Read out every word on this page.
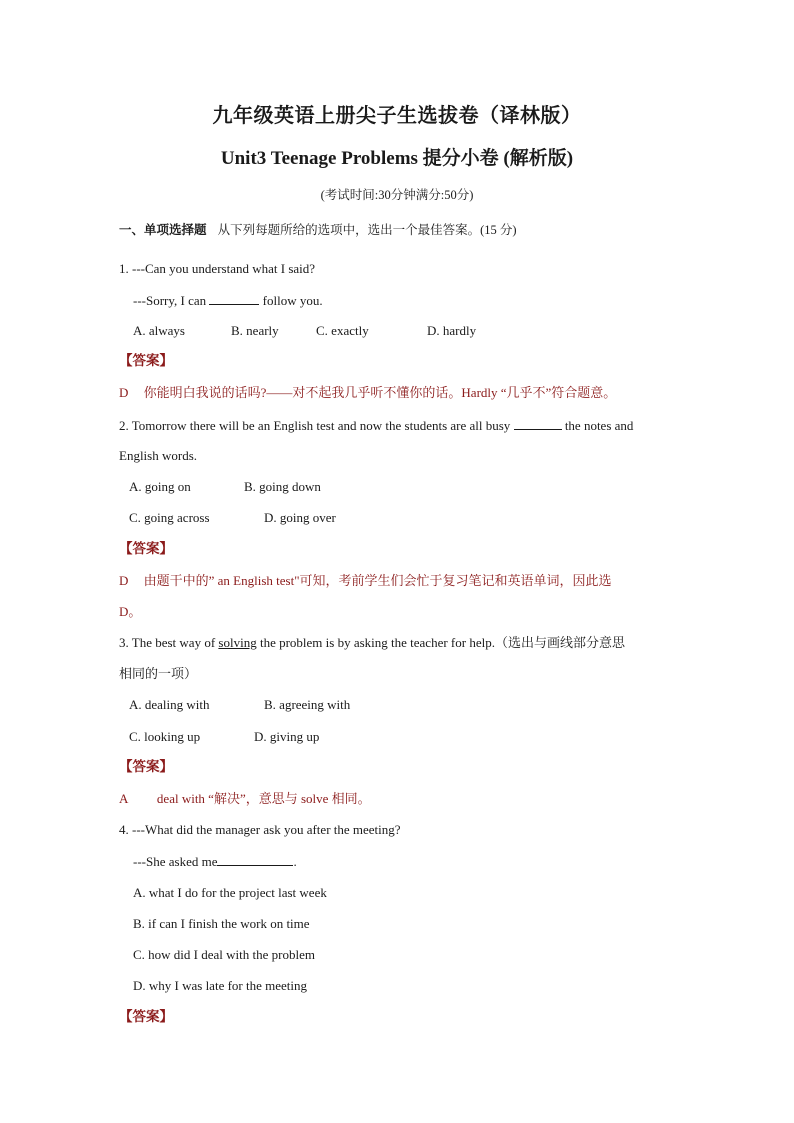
九年级英语上册尖子生选拔卷（译林版）
Unit3 Teenage Problems 提分小卷 (解析版)
(考试时间:30分钟满分:50分)
一、单项选择题 从下列每题所给的选项中，选出一个最佳答案。(15 分)
1. ---Can you understand what I said?
---Sorry, I can	follow you.
A. always	B. nearly	C. exactly	D. hardly
【答案】
D 你能明白我说的话吗?——对不起我几乎听不懂你的话。Hardly “几乎不”符合题意。
2. Tomorrow there will be an English test and now the students are all busy	the notes and
English words.
A. going on	B. going down
C. going across	D. going over
【答案】
D 由题干中的” an English test"可知，考前学生们会忙于复习笔记和英语单词，因此选
D。
3. The best way of solving the problem is by asking the teacher for help.（选出与画线部分意思
相同的一项）
A. dealing with	B. agreeing with
C. looking up	D. giving up
【答案】
A deal with “解决”，意思与 solve 相同。
4. ---What did the manager ask you after the meeting?
---She asked me	.
A. what I do for the project last week
B. if can I finish the work on time
C. how did I deal with the problem
D. why I was late for the meeting
【答案】
